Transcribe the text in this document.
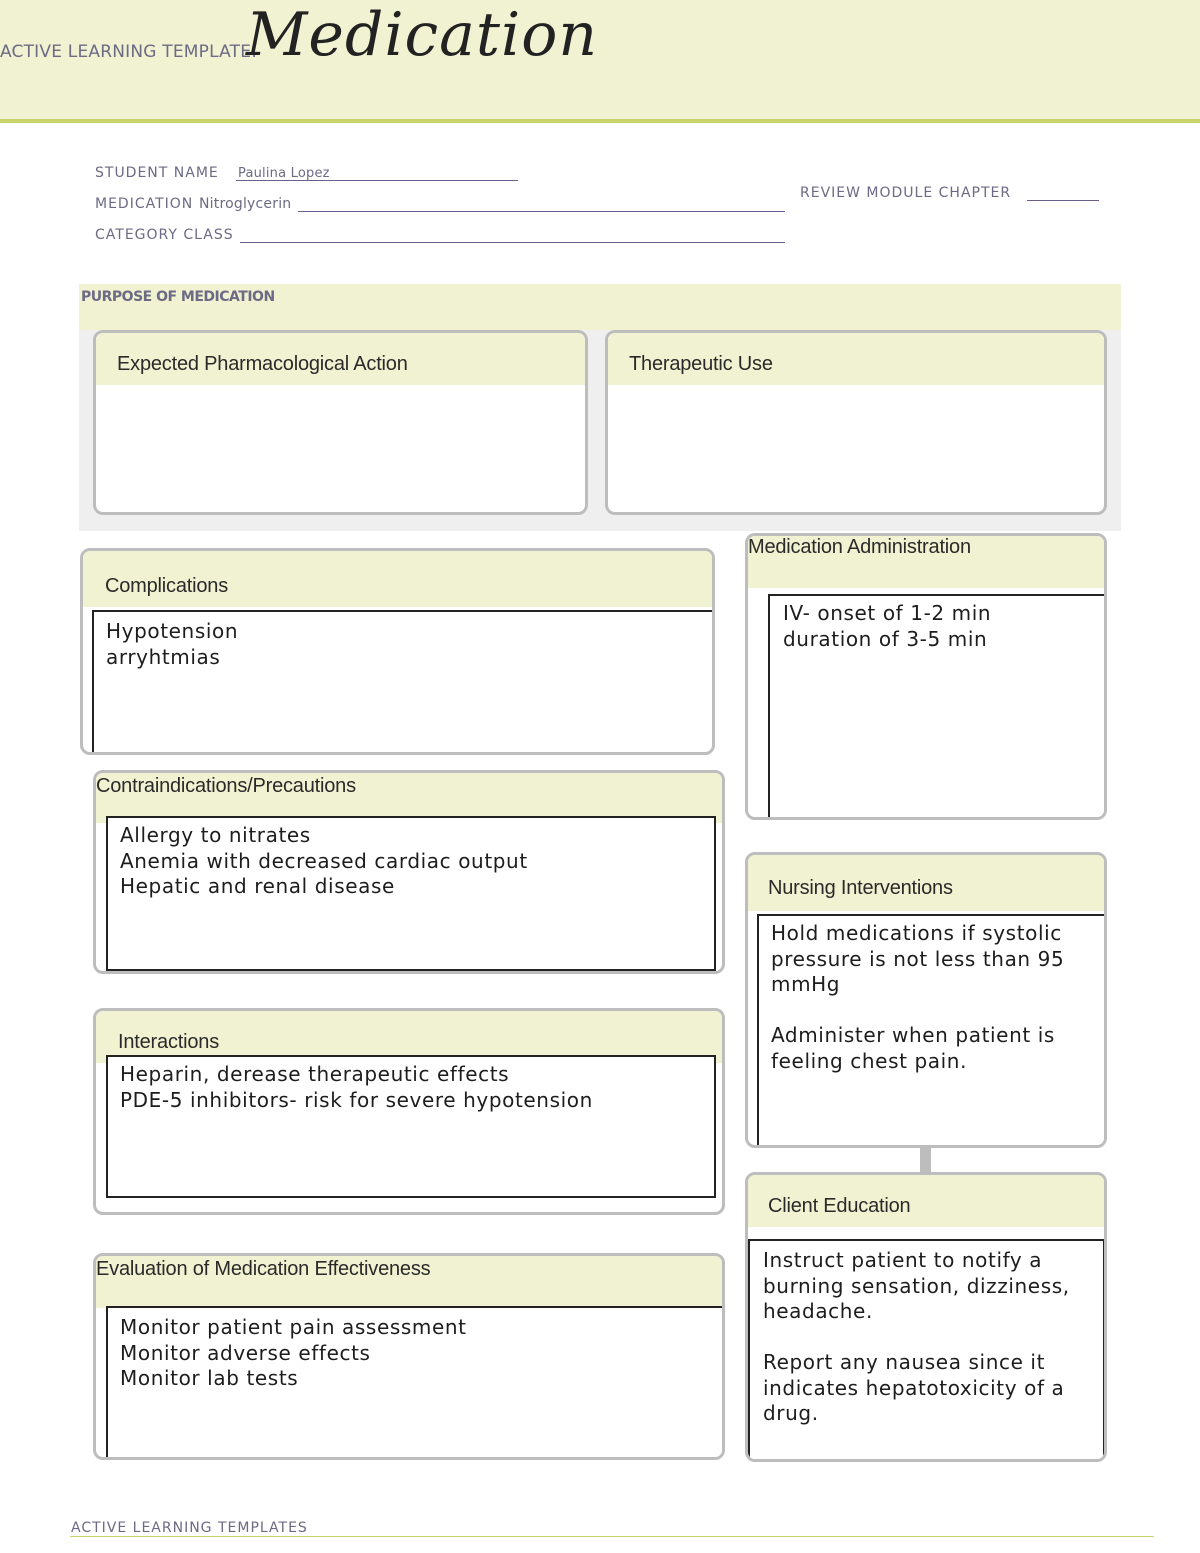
ACTIVE LEARNING TEMPLATE:
Medication
STUDENT NAME Paulina Lopez
MEDICATION Nitroglycerin
CATEGORY CLASS
REVIEW MODULE CHAPTER
PURPOSE OF MEDICATION
Expected Pharmacological Action	Therapeutic Use
Complications
Hypotension
arryhtmias
Contraindications/Precautions
Allergy to nitrates
Anemia with decreased cardiac output
Hepatic and renal disease
Interactions
Heparin, derease therapeutic effects
PDE-5 inhibitors- risk for severe hypotension
Evaluation of Medication Effectiveness
Monitor patient pain assessment
Monitor adverse effects
Monitor lab tests
Medication Administration
IV- onset of 1-2 min
duration of 3-5 min
Nursing Interventions
Hold medications if systolic
pressure is not less than 95
mmHg

Administer when patient is
feeling chest pain.
Client Education
Instruct patient to notify a
burning sensation, dizziness,
headache.

Report any nausea since it
indicates hepatotoxicity of a
drug.
ACTIVE LEARNING TEMPLATES
